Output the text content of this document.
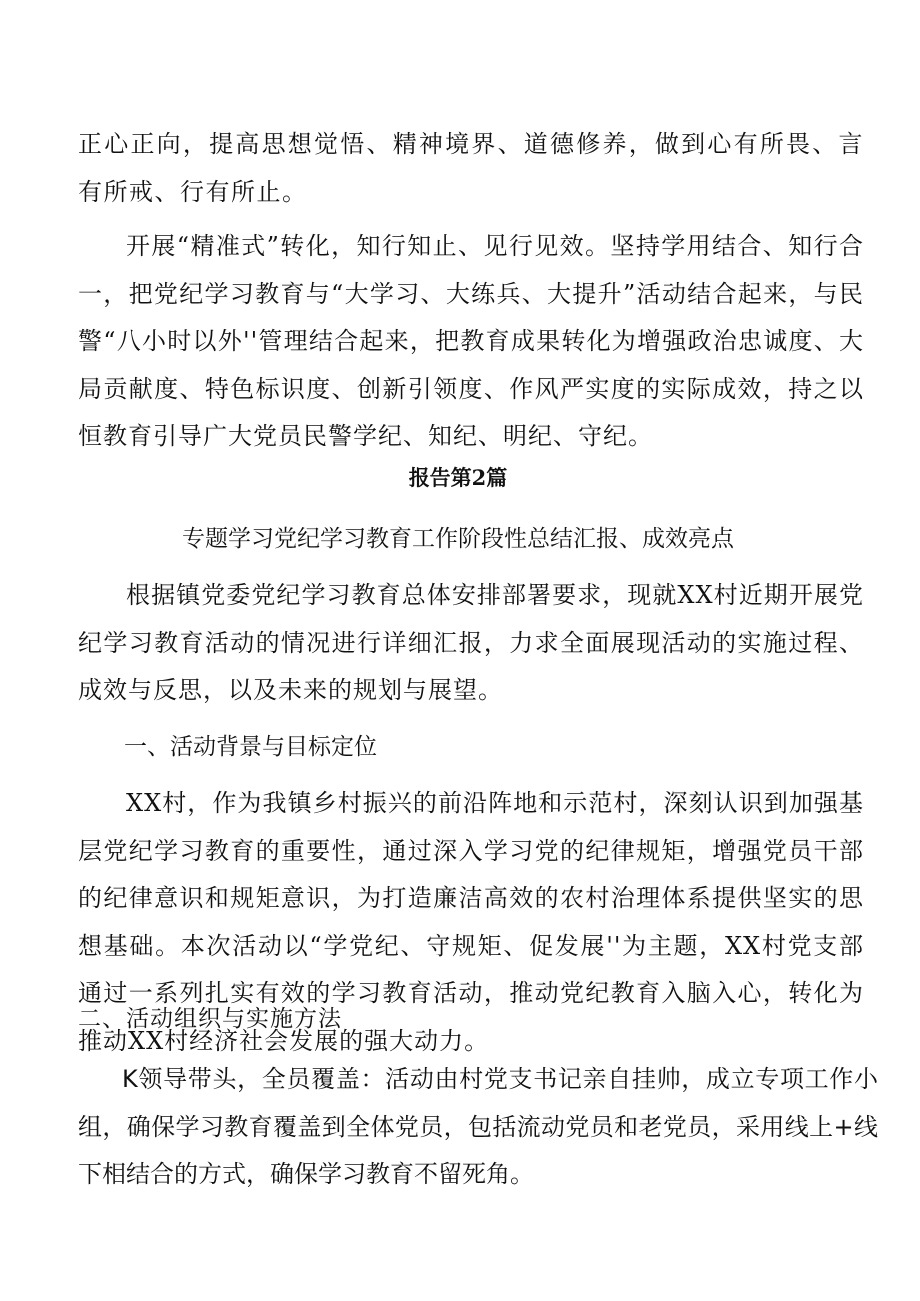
正心正向，提高思想觉悟、精神境界、道德修养，做到心有所畏、言有所戒、行有所止。

开展“精准式”转化，知行知止、见行见效。坚持学用结合、知行合一，把党纪学习教育与“大学习、大练兵、大提升”活动结合起来，与民警“八小时以外''管理结合起来，把教育成果转化为增强政治忠诚度、大局贡献度、特色标识度、创新引领度、作风严实度的实际成效，持之以恒教育引导广大党员民警学纪、知纪、明纪、守纪。

报告第2篇

专题学习党纪学习教育工作阶段性总结汇报、成效亮点

根据镇党委党纪学习教育总体安排部署要求，现就XX村近期开展党纪学习教育活动的情况进行详细汇报，力求全面展现活动的实施过程、成效与反思，以及未来的规划与展望。

一、活动背景与目标定位

XX村，作为我镇乡村振兴的前沿阵地和示范村，深刻认识到加强基层党纪学习教育的重要性，通过深入学习党的纪律规矩，增强党员干部的纪律意识和规矩意识，为打造廉洁高效的农村治理体系提供坚实的思想基础。本次活动以“学党纪、守规矩、促发展''为主题，XX村党支部通过一系列扎实有效的学习教育活动，推动党纪教育入脑入心，转化为推动XX村经济社会发展的强大动力。

二、活动组织与实施方法

K领导带头，全员覆盖：活动由村党支书记亲自挂帅，成立专项工作小组，确保学习教育覆盖到全体党员，包括流动党员和老党员，采用线上+线下相结合的方式，确保学习教育不留死角。
